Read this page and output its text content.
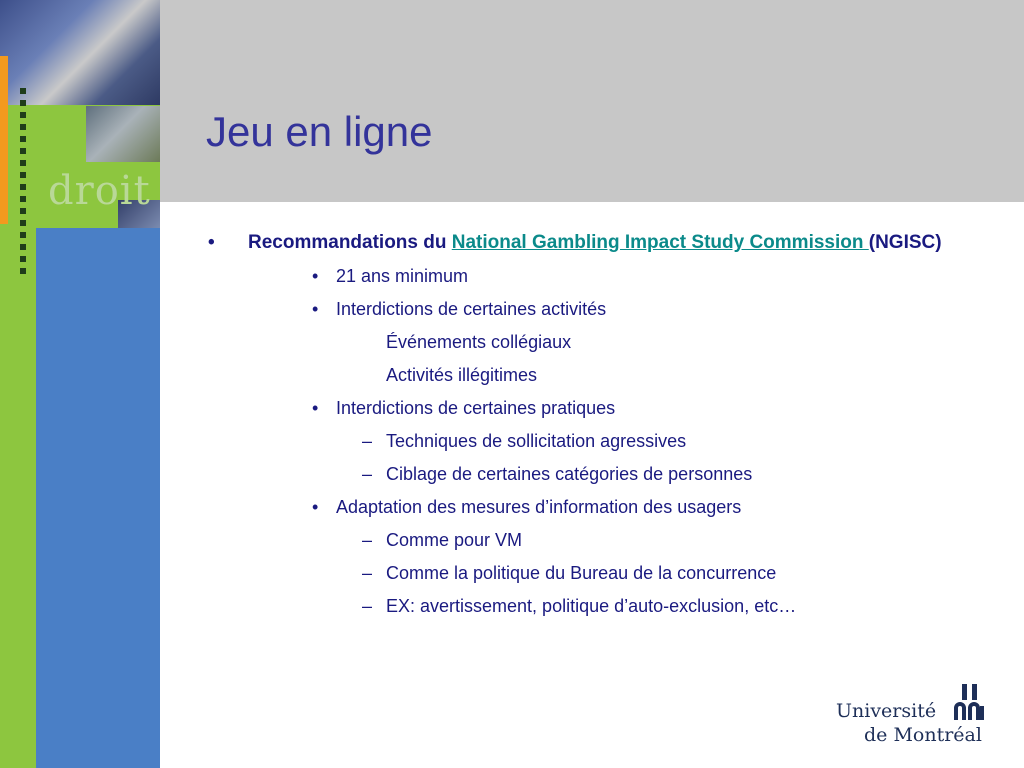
droit
Jeu en ligne
• Recommandations du National Gambling Impact Study Commission (NGISC)
• 21 ans minimum
• Interdictions de certaines activités
Événements collégiaux
Activités illégitimes
• Interdictions de certaines pratiques
– Techniques de sollicitation agressives
– Ciblage de certaines catégories de personnes
• Adaptation des mesures d’information des usagers
– Comme pour VM
– Comme la politique du Bureau de la concurrence
– EX: avertissement, politique d’auto-exclusion, etc…
Université
de Montréal
